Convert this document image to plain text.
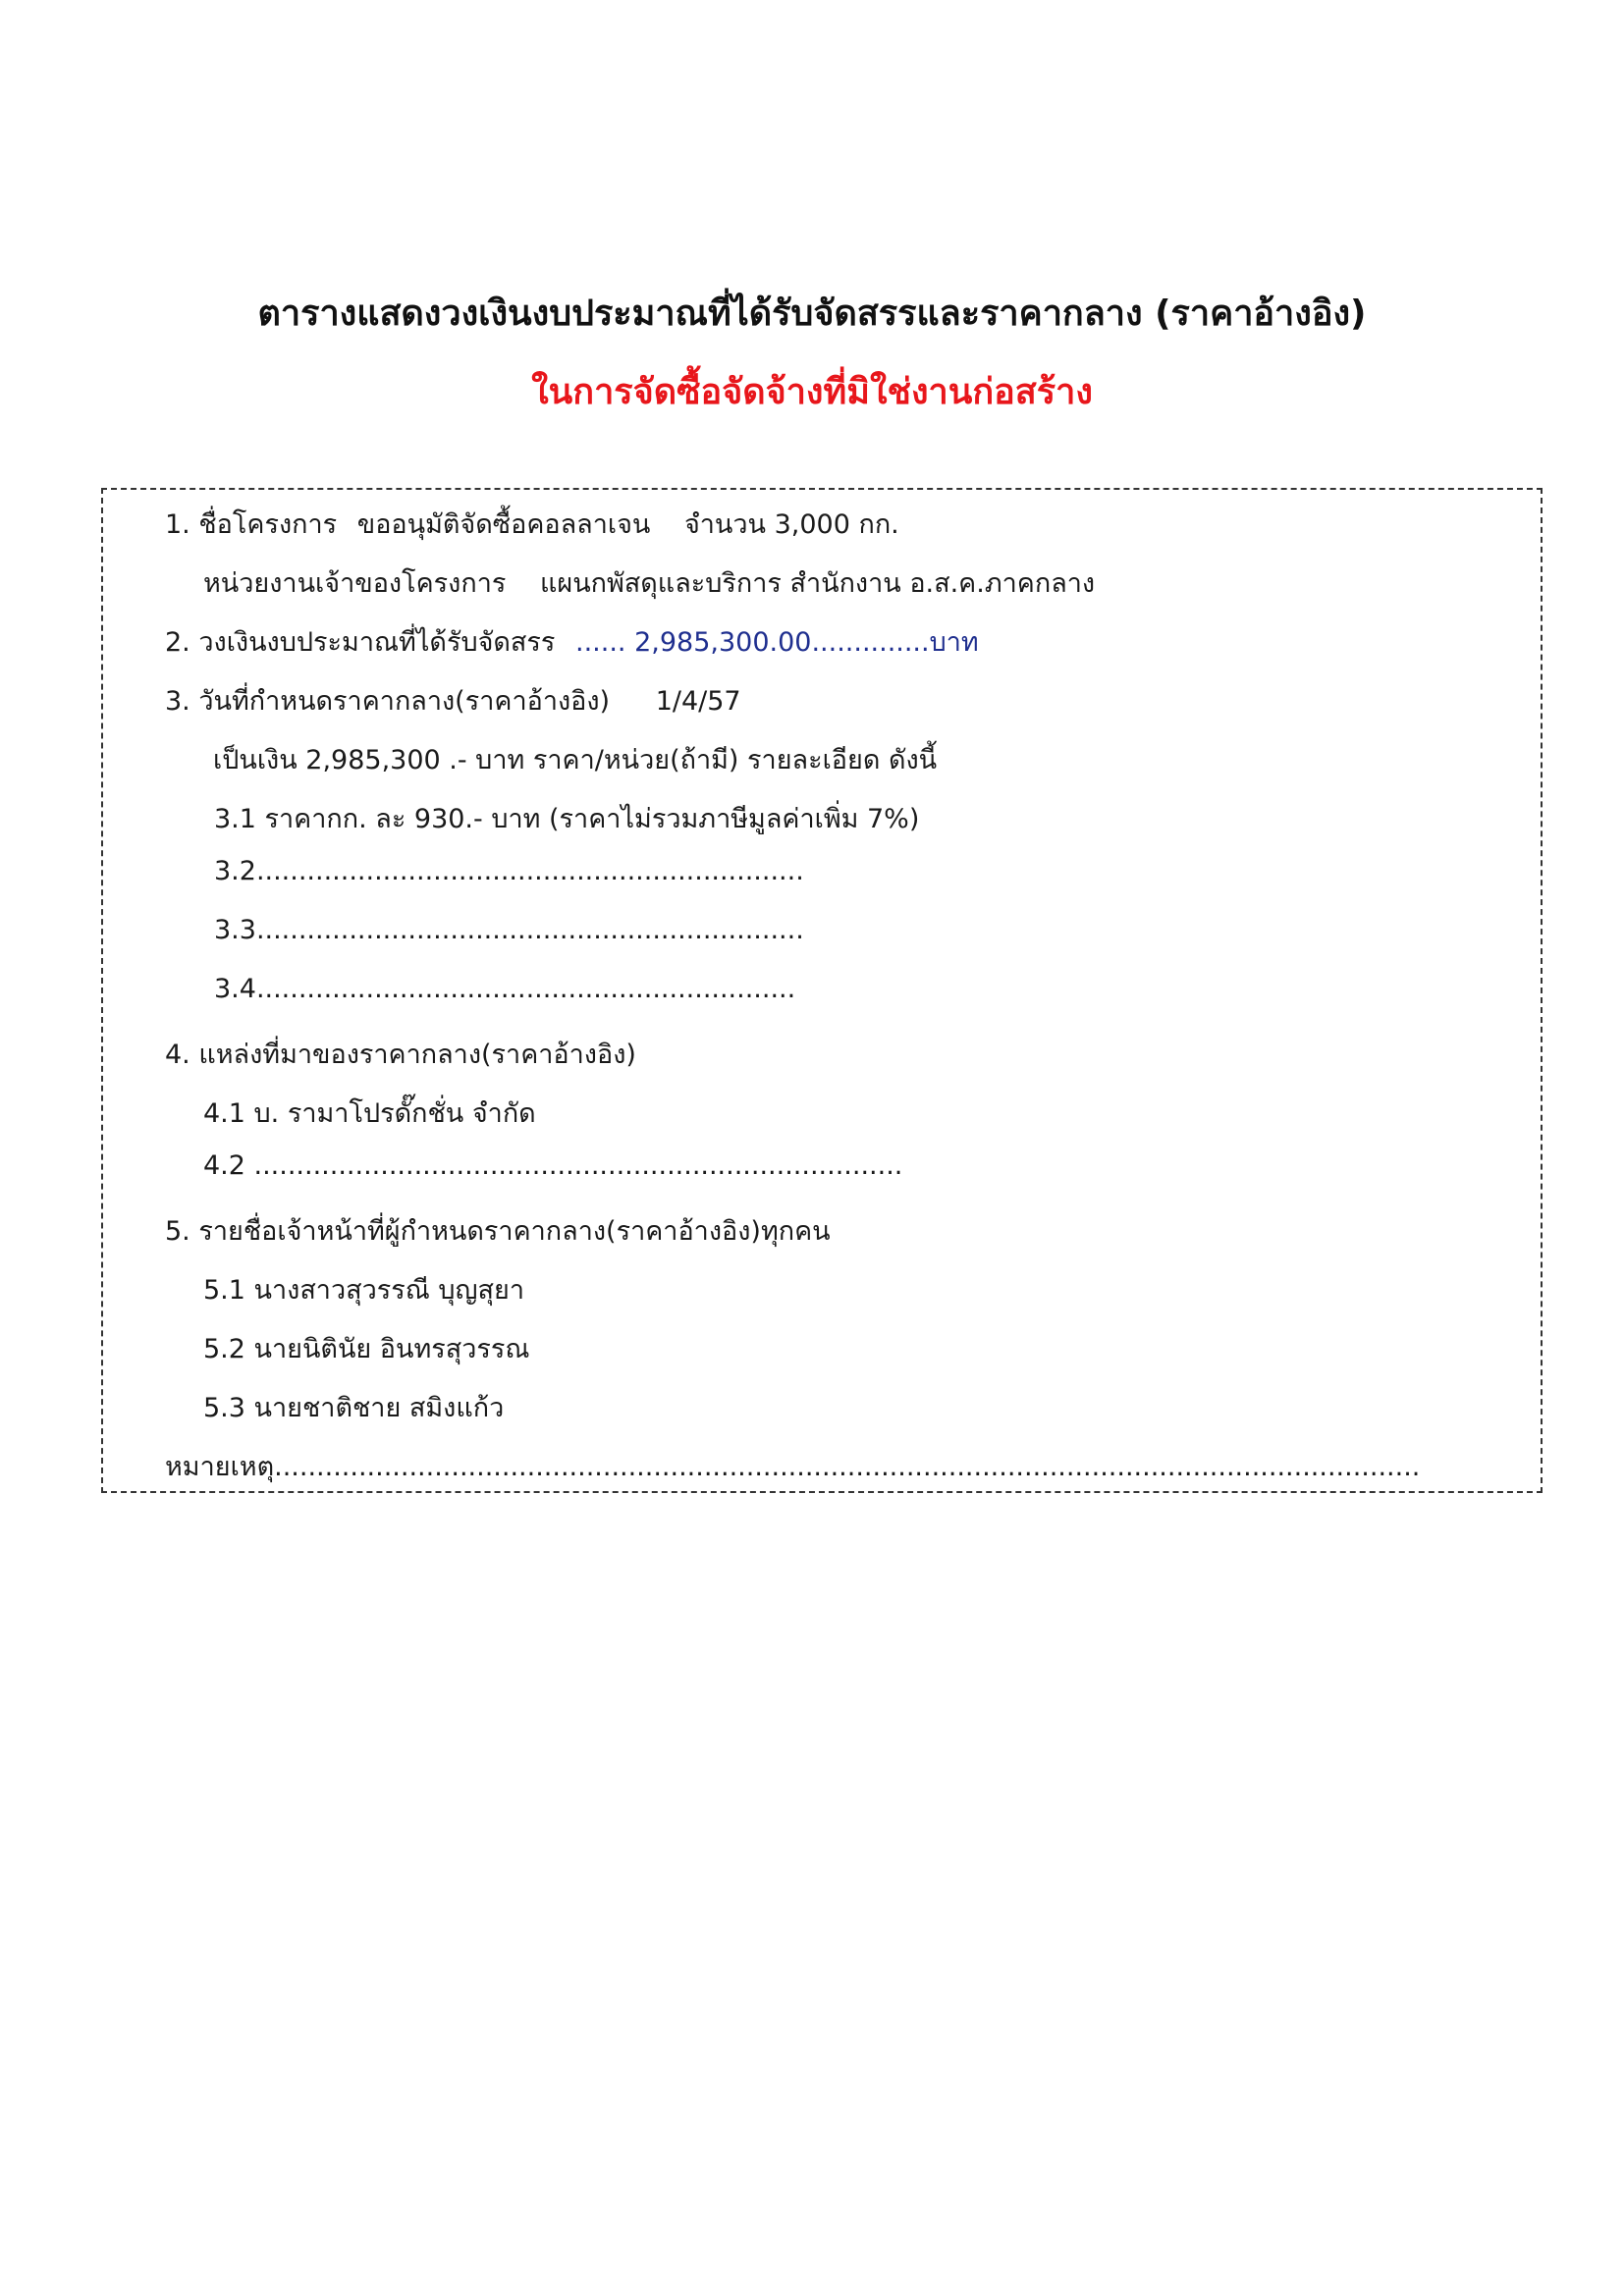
ตารางแสดงวงเงินงบประมาณที่ได้รับจัดสรรและราคากลาง (ราคาอ้างอิง)
ในการจัดซื้อจัดจ้างที่มิใช่งานก่อสร้าง
1. ชื่อโครงการ ขออนุมัติจัดซื้อคอลลาเจน จำนวน 3,000 กก.
หน่วยงานเจ้าของโครงการ แผนกพัสดุและบริการ สำนักงาน อ.ส.ค.ภาคกลาง
2. วงเงินงบประมาณที่ได้รับจัดสรร ...... 2,985,300.00..............บาท
3. วันที่กำหนดราคากลาง(ราคาอ้างอิง) 1/4/57
เป็นเงิน 2,985,300 .- บาท ราคา/หน่วย(ถ้ามี) รายละเอียด ดังนี้
3.1 ราคากก. ละ 930.- บาท (ราคาไม่รวมภาษีมูลค่าเพิ่ม 7%)
3.2.................................................................
3.3.................................................................
3.4................................................................
4. แหล่งที่มาของราคากลาง(ราคาอ้างอิง)
4.1 บ. รามาโปรดั๊กชั่น จำกัด
4.2 .............................................................................
5. รายชื่อเจ้าหน้าที่ผู้กำหนดราคากลาง(ราคาอ้างอิง)ทุกคน
5.1 นางสาวสุวรรณี บุญสุยา
5.2 นายนิตินัย อินทรสุวรรณ
5.3 นายชาติชาย สมิงแก้ว
หมายเหตุ........................................................................................................................................
